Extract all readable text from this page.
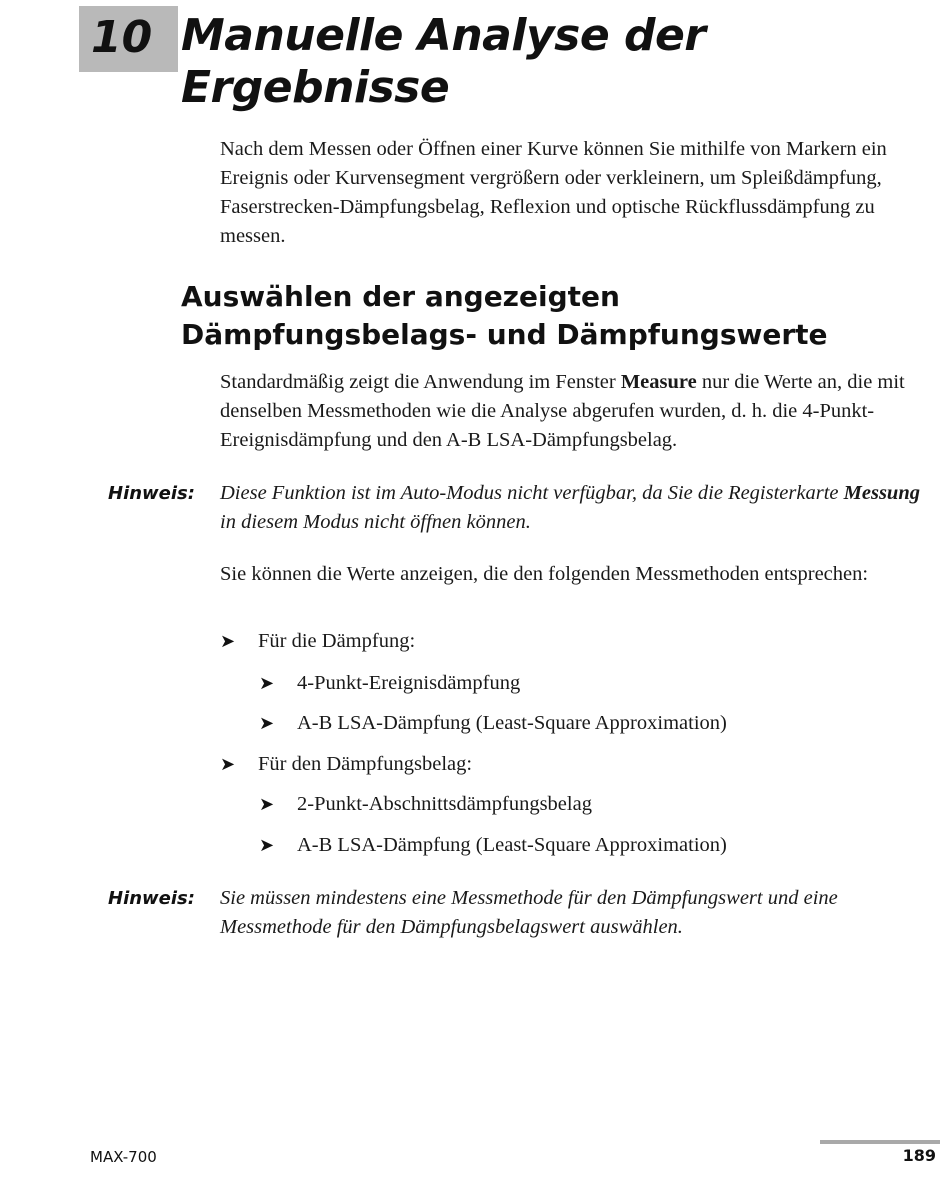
10 Manuelle Analyse der
Ergebnisse

Nach dem Messen oder Öffnen einer Kurve können Sie mithilfe von Markern ein Ereignis oder Kurvensegment vergrößern oder verkleinern, um Spleißdämpfung, Faserstrecken-Dämpfungsbelag, Reflexion und optische Rückflussdämpfung zu messen.

Auswählen der angezeigten
Dämpfungsbelags- und Dämpfungswerte

Standardmäßig zeigt die Anwendung im Fenster Measure nur die Werte an, die mit denselben Messmethoden wie die Analyse abgerufen wurden, d. h. die 4-Punkt-Ereignisdämpfung und den A-B LSA-Dämpfungsbelag.

Hinweis:	Diese Funktion ist im Auto-Modus nicht verfügbar, da Sie die Registerkarte Messung in diesem Modus nicht öffnen können.

Sie können die Werte anzeigen, die den folgenden Messmethoden entsprechen:

➤ Für die Dämpfung:
➤ 4-Punkt-Ereignisdämpfung
➤ A-B LSA-Dämpfung (Least-Square Approximation)
➤ Für den Dämpfungsbelag:
➤ 2-Punkt-Abschnittsdämpfungsbelag
➤ A-B LSA-Dämpfung (Least-Square Approximation)
Hinweis:	Sie müssen mindestens eine Messmethode für den Dämpfungswert und eine Messmethode für den Dämpfungsbelagswert auswählen.

MAX-700	189
